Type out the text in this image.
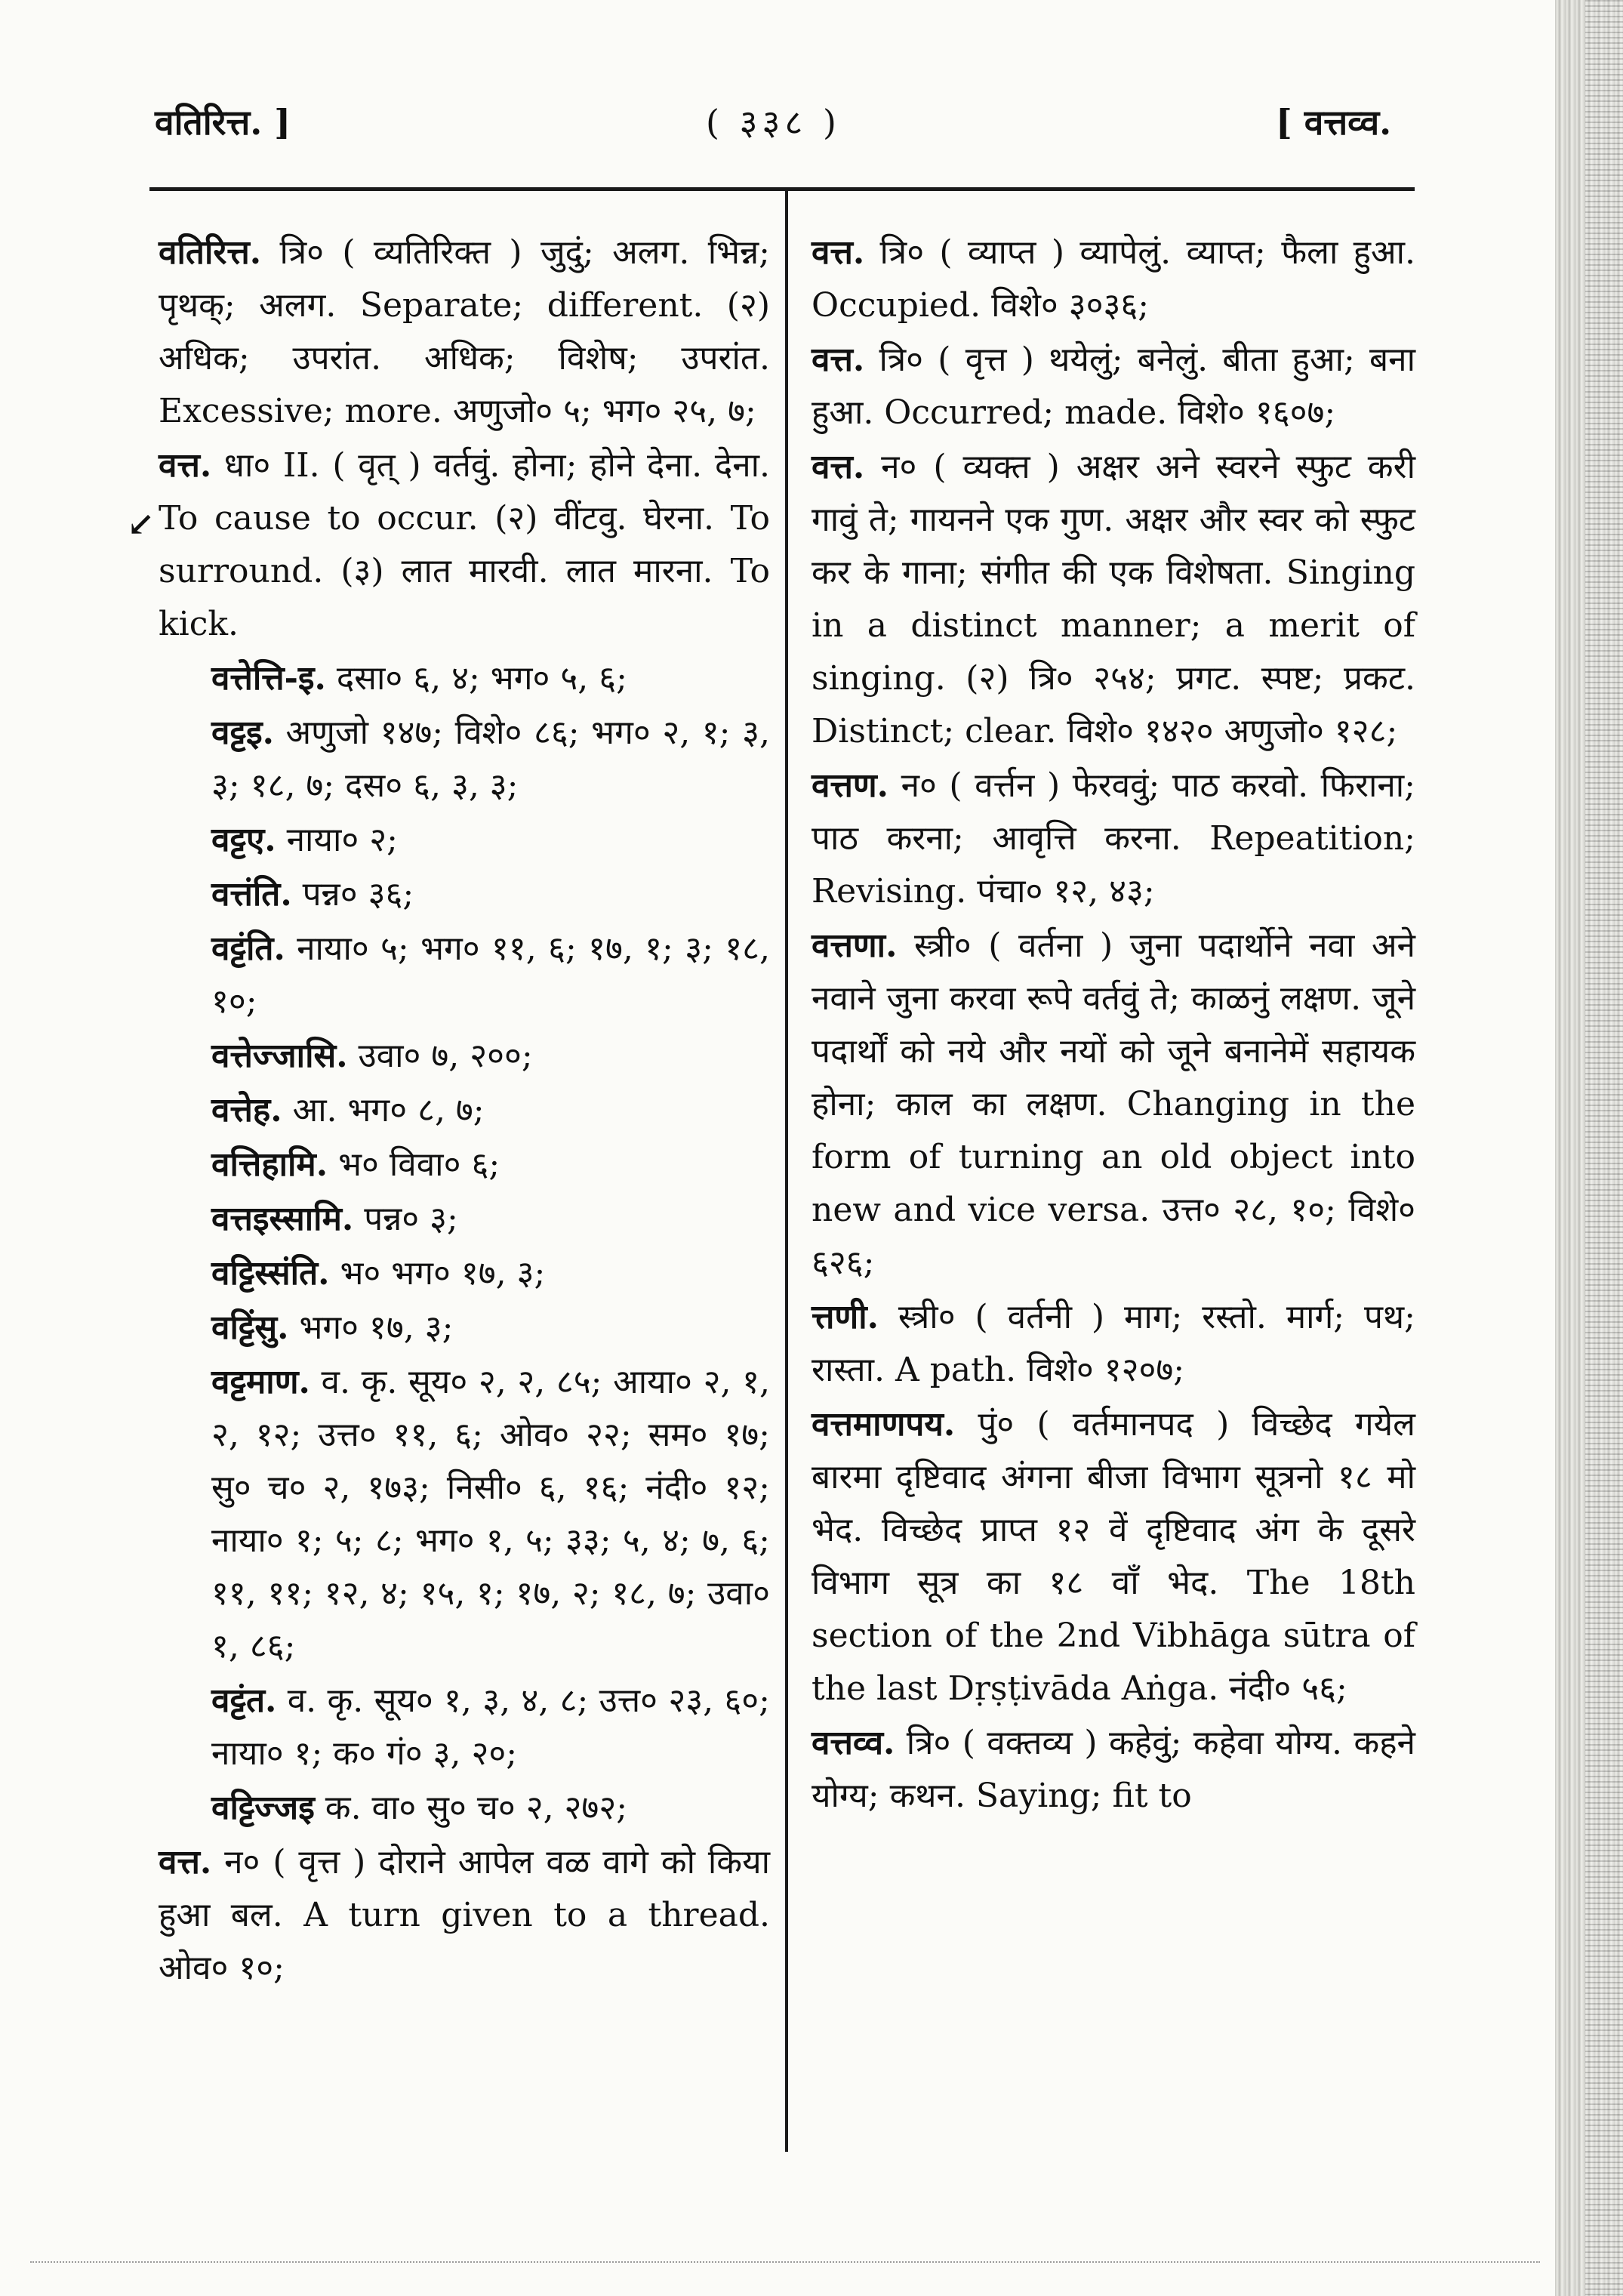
वतिरित्त. ]	( ३३८ )	[ वत्तव्व.
↙
वतिरित्त. त्रि० ( व्यतिरिक्त ) जुदुं; अलग. भिन्न; पृथक्; अलग. Separate; different. (२) अधिक; उपरांत. अधिक; विशेष; उपरांत. Excessive; more. अणुजो० ५; भग० २५, ७;
वत्त. धा० II. ( वृत् ) वर्तवुं. होना; होने देना. देना. To cause to occur. (२) वींटवु. घेरना. To surround. (३) लात मारवी. लात मारना. To kick.
वत्तेत्ति-इ. दसा० ६, ४; भग० ५, ६;
वट्टइ. अणुजो १४७; विशे० ८६; भग० २, १; ३, ३; १८, ७; दस० ६, ३, ३;
वट्टए. नाया० २;
वत्तंति. पन्न० ३६;
वट्टंति. नाया० ५; भग० ११, ६; १७, १; ३; १८, १०;
वत्तेज्जासि. उवा० ७, २००;
वत्तेह. आ. भग० ८, ७;
वत्तिहामि. भ० विवा० ६;
वत्तइस्सामि. पन्न० ३;
वट्टिस्संति. भ० भग० १७, ३;
वट्टिंसु. भग० १७, ३;
वट्टमाण. व. कृ. सूय० २, २, ८५; आया० २, १, २, १२; उत्त० ११, ६; ओव० २२; सम० १७; सु० च० २, १७३; निसी० ६, १६; नंदी० १२; नाया० १; ५; ८; भग० १, ५; ३३; ५, ४; ७, ६; ११, ११; १२, ४; १५, १; १७, २; १८, ७; उवा० १, ८६;
वट्टंत. व. कृ. सूय० १, ३, ४, ८; उत्त० २३, ६०; नाया० १; क० गं० ३, २०;
वट्टिज्जइ क. वा० सु० च० २, २७२;
वत्त. न० ( वृत्त ) दोराने आपेल वळ वागे को किया हुआ बल. A turn given to a thread. ओव० १०;
वत्त. त्रि० ( व्याप्त ) व्यापेलुं. व्याप्त; फैला हुआ. Occupied. विशे० ३०३६;
वत्त. त्रि० ( वृत्त ) थयेलुं; बनेलुं. बीता हुआ; बना हुआ. Occurred; made. विशे० १६०७;
वत्त. न० ( व्यक्त ) अक्षर अने स्वरने स्फुट करी गावुं ते; गायनने एक गुण. अक्षर और स्वर को स्फुट कर के गाना; संगीत की एक विशेषता. Singing in a distinct manner; a merit of singing. (२) त्रि० २५४; प्रगट. स्पष्ट; प्रकट. Distinct; clear. विशे० १४२० अणुजो० १२८;
वत्तण. न० ( वर्त्तन ) फेरववुं; पाठ करवो. फिराना; पाठ करना; आवृत्ति करना. Repeatition; Revising. पंचा० १२, ४३;
वत्तणा. स्त्री० ( वर्तना ) जुना पदार्थोने नवा अने नवाने जुना करवा रूपे वर्तवुं ते; काळनुं लक्षण. जूने पदार्थों को नये और नयों को जूने बनानेमें सहायक होना; काल का लक्षण. Changing in the form of turning an old object into new and vice versa. उत्त० २८, १०; विशे० ६२६;
त्तणी. स्त्री० ( वर्तनी ) माग; रस्तो. मार्ग; पथ; रास्ता. A path. विशे० १२०७;
वत्तमाणपय. पुं० ( वर्तमानपद ) विच्छेद गयेल बारमा दृष्टिवाद अंगना बीजा विभाग सूत्रनो १८ मो भेद. विच्छेद प्राप्त १२ वें दृष्टिवाद अंग के दूसरे विभाग सूत्र का १८ वाँ भेद. The 18th section of the 2nd Vibhāga sūtra of the last Dṛṣṭivāda Aṅga. नंदी० ५६;
वत्तव्व. त्रि० ( वक्तव्य ) कहेवुं; कहेवा योग्य. कहने योग्य; कथन. Saying; fit to
